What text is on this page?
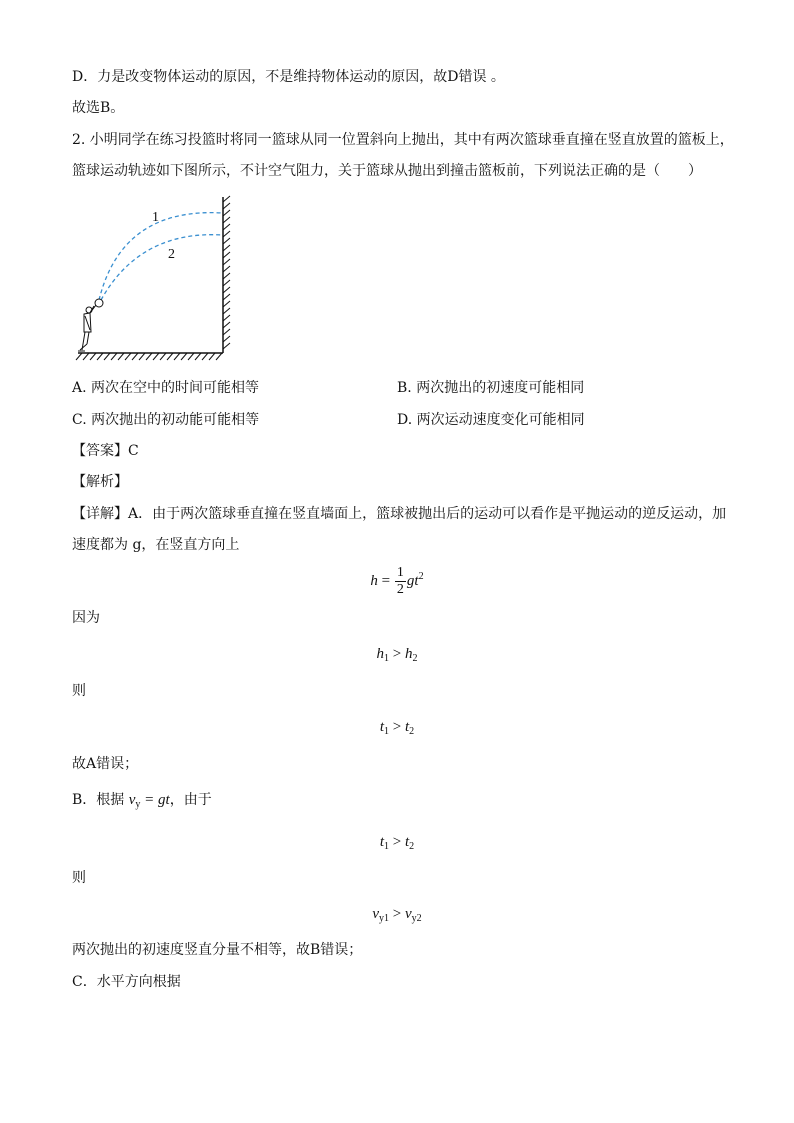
D．力是改变物体运动的原因，不是维持物体运动的原因，故D错误 。
故选B。
2. 小明同学在练习投篮时将同一篮球从同一位置斜向上抛出，其中有两次篮球垂直撞在竖直放置的篮板上，
篮球运动轨迹如下图所示，不计空气阻力，关于篮球从抛出到撞击篮板前，下列说法正确的是（　　）
1
2
A. 两次在空中的时间可能相等	B. 两次抛出的初速度可能相同
C. 两次抛出的初动能可能相等	D. 两次运动速度变化可能相同
【答案】C
【解析】
【详解】A．由于两次篮球垂直撞在竖直墙面上，篮球被抛出后的运动可以看作是平抛运动的逆反运动，加
速度都为 g，在竖直方向上
$h = \frac{1}{2} gt^2$
因为
$h_1 > h_2$
则
$t_1 > t_2$
故A错误；
B．根据 $v_y$ = gt，由于
$t_1 > t_2$
则
$v_{y1} > v_{y2}$
两次抛出的初速度竖直分量不相等，故B错误；
C．水平方向根据
